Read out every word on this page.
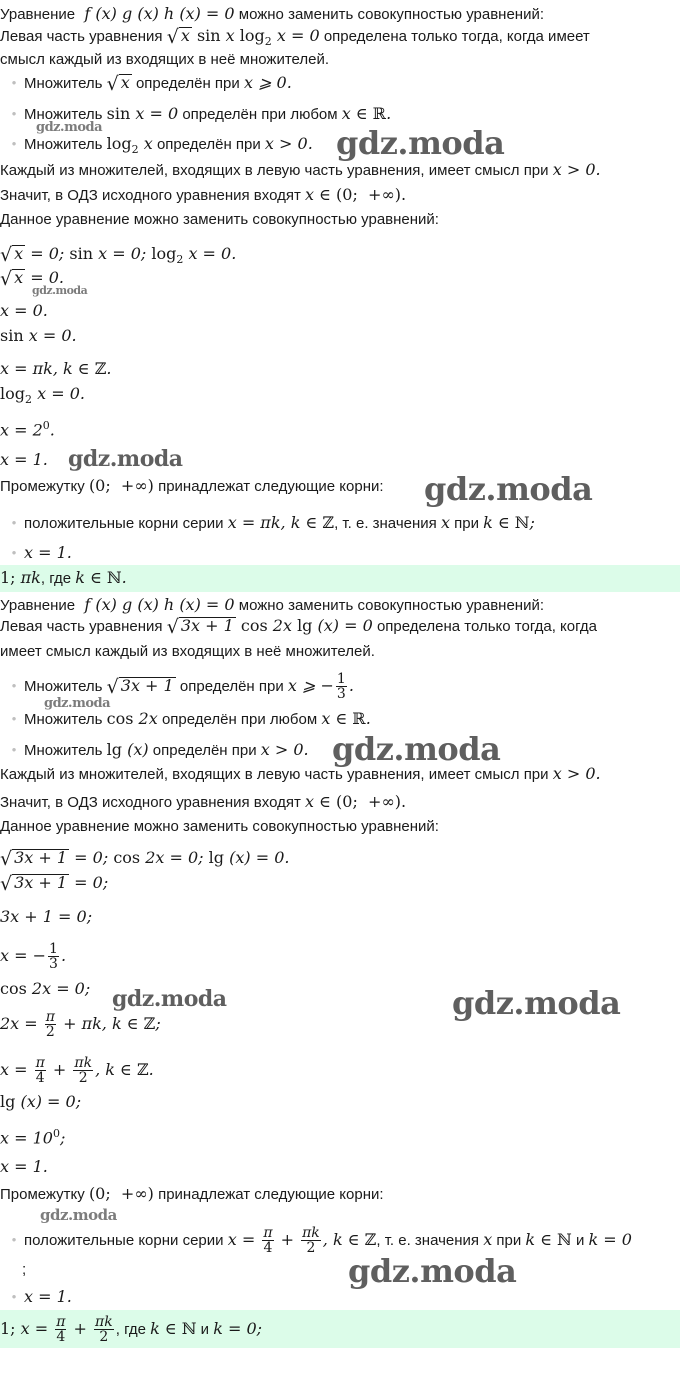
Уравнение  f (x) g (x) h (x) = 0 можно заменить совокупностью уравнений:
Левая часть уравнения √ x sin x $\log_2 x = 0$ определена только тогда, когда имеет
смысл каждый из входящих в неё множителей.
• Множитель √ x определён при x ⩾ 0.
• Множитель sin x = 0 определён при любом x ∈ ℝ.
• Множитель $\log_2 x$ определён при x > 0.
Каждый из множителей, входящих в левую часть уравнения, имеет смысл при x > 0.
Значит, в ОДЗ исходного уравнения входят x ∈ (0;  +∞).
Данное уравнение можно заменить совокупностью уравнений:
√ x = 0; sin x = 0; $\log_2 x = 0$.
√ x = 0.
x = 0.
sin x = 0.
x = πk, k ∈ ℤ.
$\log_2 x = 0$.
$x = 2^0$.
x = 1.
Промежутку (0;  +∞) принадлежат следующие корни:
• положительные корни серии x = πk, k ∈ ℤ, т. е. значения x при k ∈ ℕ;
• x = 1.
1; πk, где k ∈ ℕ.
Уравнение  f (x) g (x) h (x) = 0 можно заменить совокупностью уравнений:
Левая часть уравнения √ 3x + 1 cos 2x lg (x) = 0 определена только тогда, когда
имеет смысл каждый из входящих в неё множителей.
• Множитель √ 3x + 1 определён при x ⩾ − $\frac{1}{3}$ .
• Множитель cos 2x определён при любом x ∈ ℝ.
• Множитель lg (x) определён при x > 0.
Каждый из множителей, входящих в левую часть уравнения, имеет смысл при x > 0.
Значит, в ОДЗ исходного уравнения входят x ∈ (0;  +∞).
Данное уравнение можно заменить совокупностью уравнений:
√ 3x + 1 = 0; cos 2x = 0; lg (x) = 0.
√ 3x + 1 = 0;
3x + 1 = 0;
x = − $\frac{1}{3}$ .
cos 2x = 0;
$2x = \frac{\pi}{2} + \pi k$, k ∈ ℤ;
$x = \frac{\pi}{4} + \frac{\pi k}{2}$ , k ∈ ℤ.
lg (x) = 0;
$x = 10^0$;
x = 1.
Промежутку (0;  +∞) принадлежат следующие корни:
• положительные корни серии $x = \frac{\pi}{4} + \frac{\pi k}{2}$ , k ∈ ℤ, т. е. значения x при k ∈ ℕ и k = 0
;
• x = 1.
1; $x = \frac{\pi}{4} + \frac{\pi k}{2}$ , где k ∈ ℕ и k = 0;
gdz.moda	gdz.moda
gdz.moda
gdz.moda
gdz.moda
gdz.moda
gdz.moda
gdz.moda	gdz.moda
gdz.moda
gdz.moda
